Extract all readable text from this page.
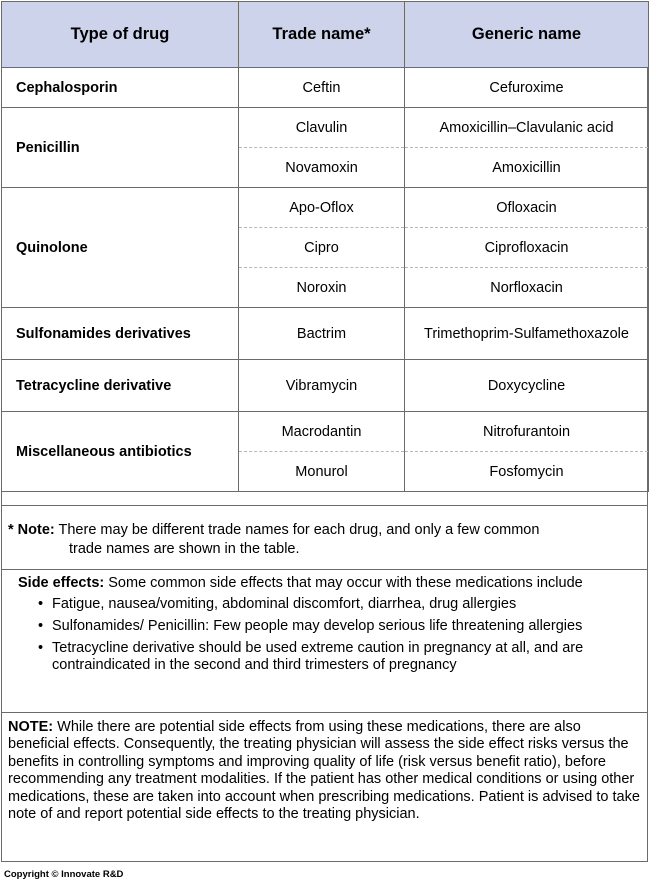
Type of drug	Trade name*	Generic name
Cephalosporin	Ceftin	Cefuroxime
Penicillin	Clavulin	Amoxicillin–Clavulanic acid
	Novamoxin	Amoxicillin
Quinolone	Apo-Oflox	Ofloxacin
	Cipro	Ciprofloxacin
	Noroxin	Norfloxacin
Sulfonamides derivatives	Bactrim	Trimethoprim-Sulfamethoxazole
Tetracycline derivative	Vibramycin	Doxycycline
Miscellaneous antibiotics	Macrodantin	Nitrofurantoin
	Monurol	Fosfomycin
* Note: There may be different trade names for each drug, and only a few common
trade names are shown in the table.
Side effects: Some common side effects that may occur with these medications include
• Fatigue, nausea/vomiting, abdominal discomfort, diarrhea, drug allergies
• Sulfonamides/ Penicillin: Few people may develop serious life threatening allergies
• Tetracycline derivative should be used extreme caution in pregnancy at all, and are contraindicated in the second and third trimesters of pregnancy
NOTE: While there are potential side effects from using these medications, there are also beneficial effects. Consequently, the treating physician will assess the side effect risks versus the benefits in controlling symptoms and improving quality of life (risk versus benefit ratio), before recommending any treatment modalities. If the patient has other medical conditions or using other medications, these are taken into account when prescribing medications. Patient is advised to take note of and report potential side effects to the treating physician.
Copyright © Innovate R&D
